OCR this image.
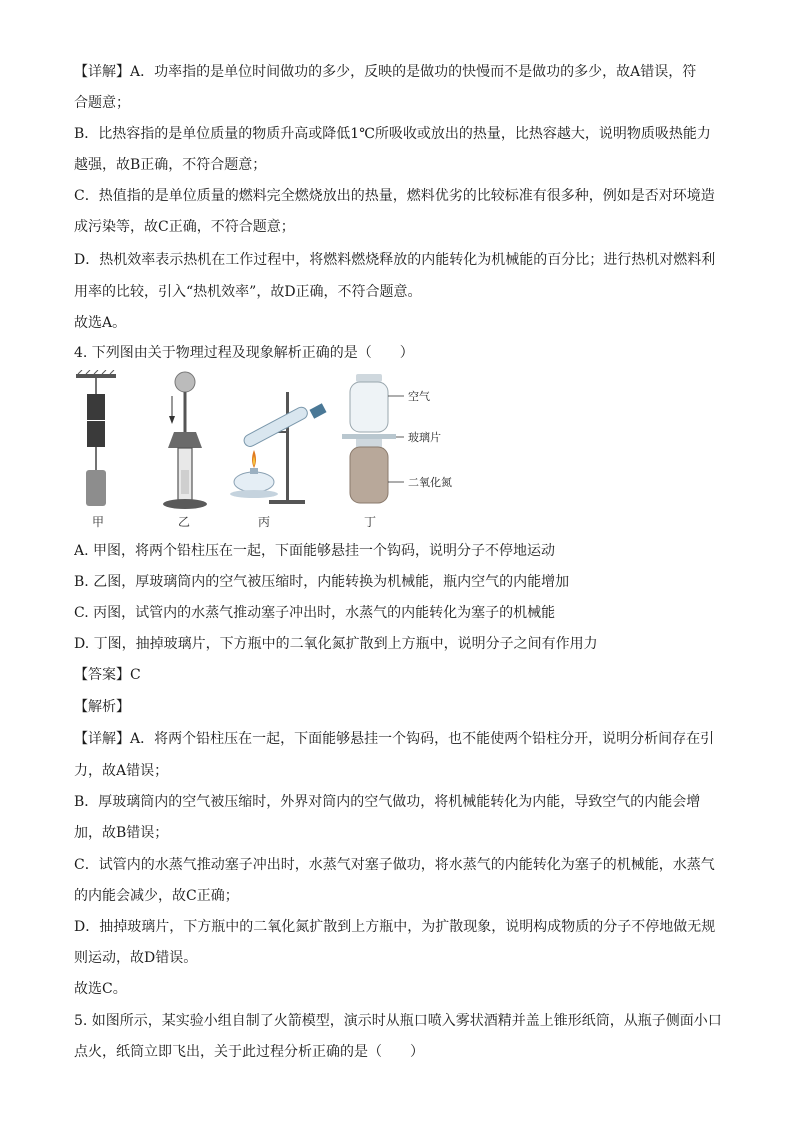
【详解】A．功率指的是单位时间做功的多少，反映的是做功的快慢而不是做功的多少，故A错误，符
合题意；
B．比热容指的是单位质量的物质升高或降低1℃所吸收或放出的热量，比热容越大，说明物质吸热能力
越强，故B正确，不符合题意；
C．热值指的是单位质量的燃料完全燃烧放出的热量，燃料优劣的比较标准有很多种，例如是否对环境造
成污染等，故C正确，不符合题意；
D．热机效率表示热机在工作过程中，将燃料燃烧释放的内能转化为机械能的百分比；进行热机对燃料利
用率的比较，引入“热机效率”，故D正确，不符合题意。
故选A。
4. 下列图由关于物理过程及现象解析正确的是（　　）
甲	乙	丙
空气
玻璃片
二氧化氮
丁
A. 甲图，将两个铅柱压在一起，下面能够悬挂一个钩码，说明分子不停地运动
B. 乙图，厚玻璃筒内的空气被压缩时，内能转换为机械能，瓶内空气的内能增加
C. 丙图，试管内的水蒸气推动塞子冲出时，水蒸气的内能转化为塞子的机械能
D. 丁图，抽掉玻璃片，下方瓶中的二氧化氮扩散到上方瓶中，说明分子之间有作用力
【答案】C
【解析】
【详解】A．将两个铅柱压在一起，下面能够悬挂一个钩码，也不能使两个铅柱分开，说明分析间存在引
力，故A错误；
B．厚玻璃筒内的空气被压缩时，外界对筒内的空气做功，将机械能转化为内能，导致空气的内能会增
加，故B错误；
C．试管内的水蒸气推动塞子冲出时，水蒸气对塞子做功，将水蒸气的内能转化为塞子的机械能，水蒸气
的内能会减少，故C正确；
D．抽掉玻璃片，下方瓶中的二氧化氮扩散到上方瓶中，为扩散现象，说明构成物质的分子不停地做无规
则运动，故D错误。
故选C。
5. 如图所示，某实验小组自制了火箭模型，演示时从瓶口喷入雾状酒精并盖上锥形纸筒，从瓶子侧面小口
点火，纸筒立即飞出，关于此过程分析正确的是（　　）
